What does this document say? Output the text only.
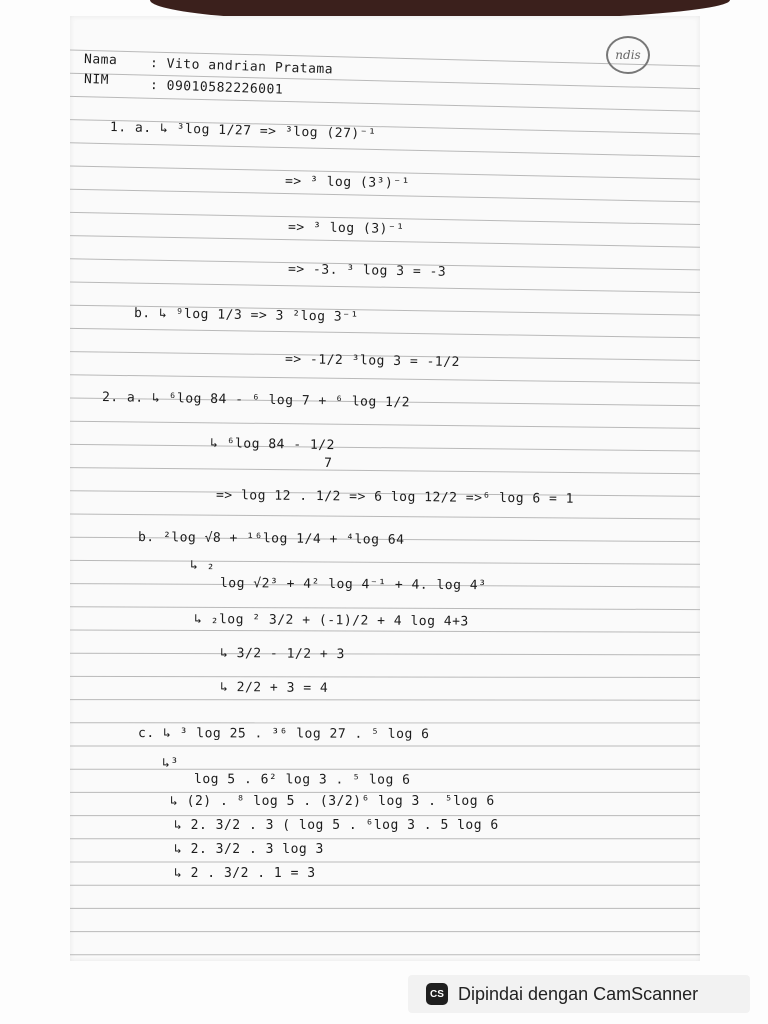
ndis
Nama : Vito andrian Pratama
NIM	: 09010582226001
1. a. ↳ ³log 1/27 => ³log (27)⁻¹
=> ³ log (3³)⁻¹
=> ³ log (3)⁻¹
=> -3. ³ log 3 = -3
b. ↳ ⁹log 1/3 => 3 ²log 3⁻¹
=> -1/2 ³log 3 = -1/2
2. a. ↳ ⁶log 84 - ⁶ log 7 + ⁶ log 1/2
↳ ⁶log 84 - 1/2
7
=> log 12 . 1/2 => 6 log 12/2 =>⁶ log 6 = 1
b. ²log √8 + ¹⁶log 1/4 + ⁴log 64
↳ ₂
log √2³ + 4² log 4⁻¹ + 4. log 4³
↳ ₂log ² 3/2 + (-1)/2 + 4 log 4+3
↳ 3/2 - 1/2 + 3
↳ 2/2 + 3 = 4
c. ↳ ³ log 25 . ³⁶ log 27 . ⁵ log 6
↳³
log 5 . 6² log 3 . ⁵ log 6
↳ (2) . ⁸ log 5 . (3/2)⁶ log 3 . ⁵log 6
↳ 2. 3/2 . 3 ( log 5 . ⁶log 3 . 5 log 6
↳ 2. 3/2 . 3 log 3
↳ 2 . 3/2 . 1 = 3
CS Dipindai dengan CamScanner
